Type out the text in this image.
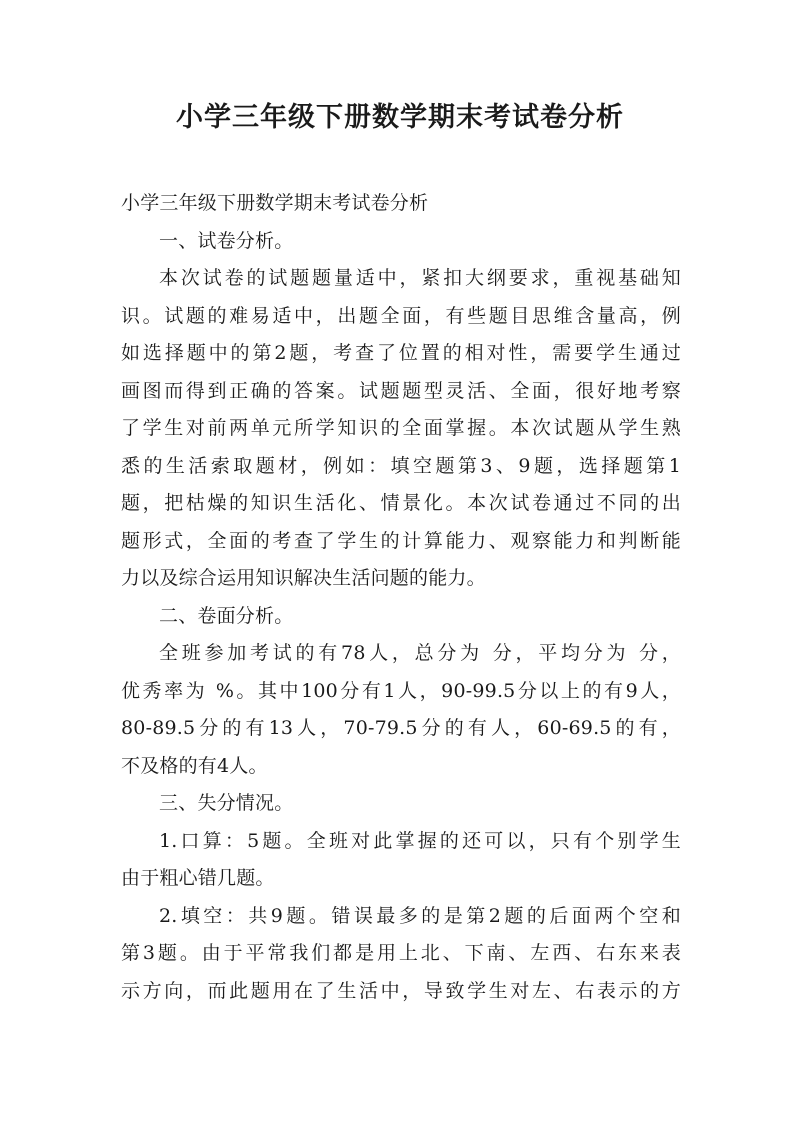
小学三年级下册数学期末考试卷分析
小学三年级下册数学期末考试卷分析
一、试卷分析。
本次试卷的试题题量适中，紧扣大纲要求，重视基础知
识。试题的难易适中，出题全面，有些题目思维含量高，例
如选择题中的第2题，考查了位置的相对性，需要学生通过
画图而得到正确的答案。试题题型灵活、全面，很好地考察
了学生对前两单元所学知识的全面掌握。本次试题从学生熟
悉的生活索取题材，例如：填空题第3、9题，选择题第1
题，把枯燥的知识生活化、情景化。本次试卷通过不同的出
题形式，全面的考查了学生的计算能力、观察能力和判断能
力以及综合运用知识解决生活问题的能力。
二、卷面分析。
全班参加考试的有78人，总分为 分，平均分为 分，
优秀率为 %。其中100分有1人，90-99.5分以上的有9人，
80-89.5分的有13人，70-79.5分的有人，60-69.5的有，
不及格的有4人。
三、失分情况。
1.口算：5题。全班对此掌握的还可以，只有个别学生
由于粗心错几题。
2.填空：共9题。错误最多的是第2题的后面两个空和
第3题。由于平常我们都是用上北、下南、左西、右东来表
示方向，而此题用在了生活中，导致学生对左、右表示的方
